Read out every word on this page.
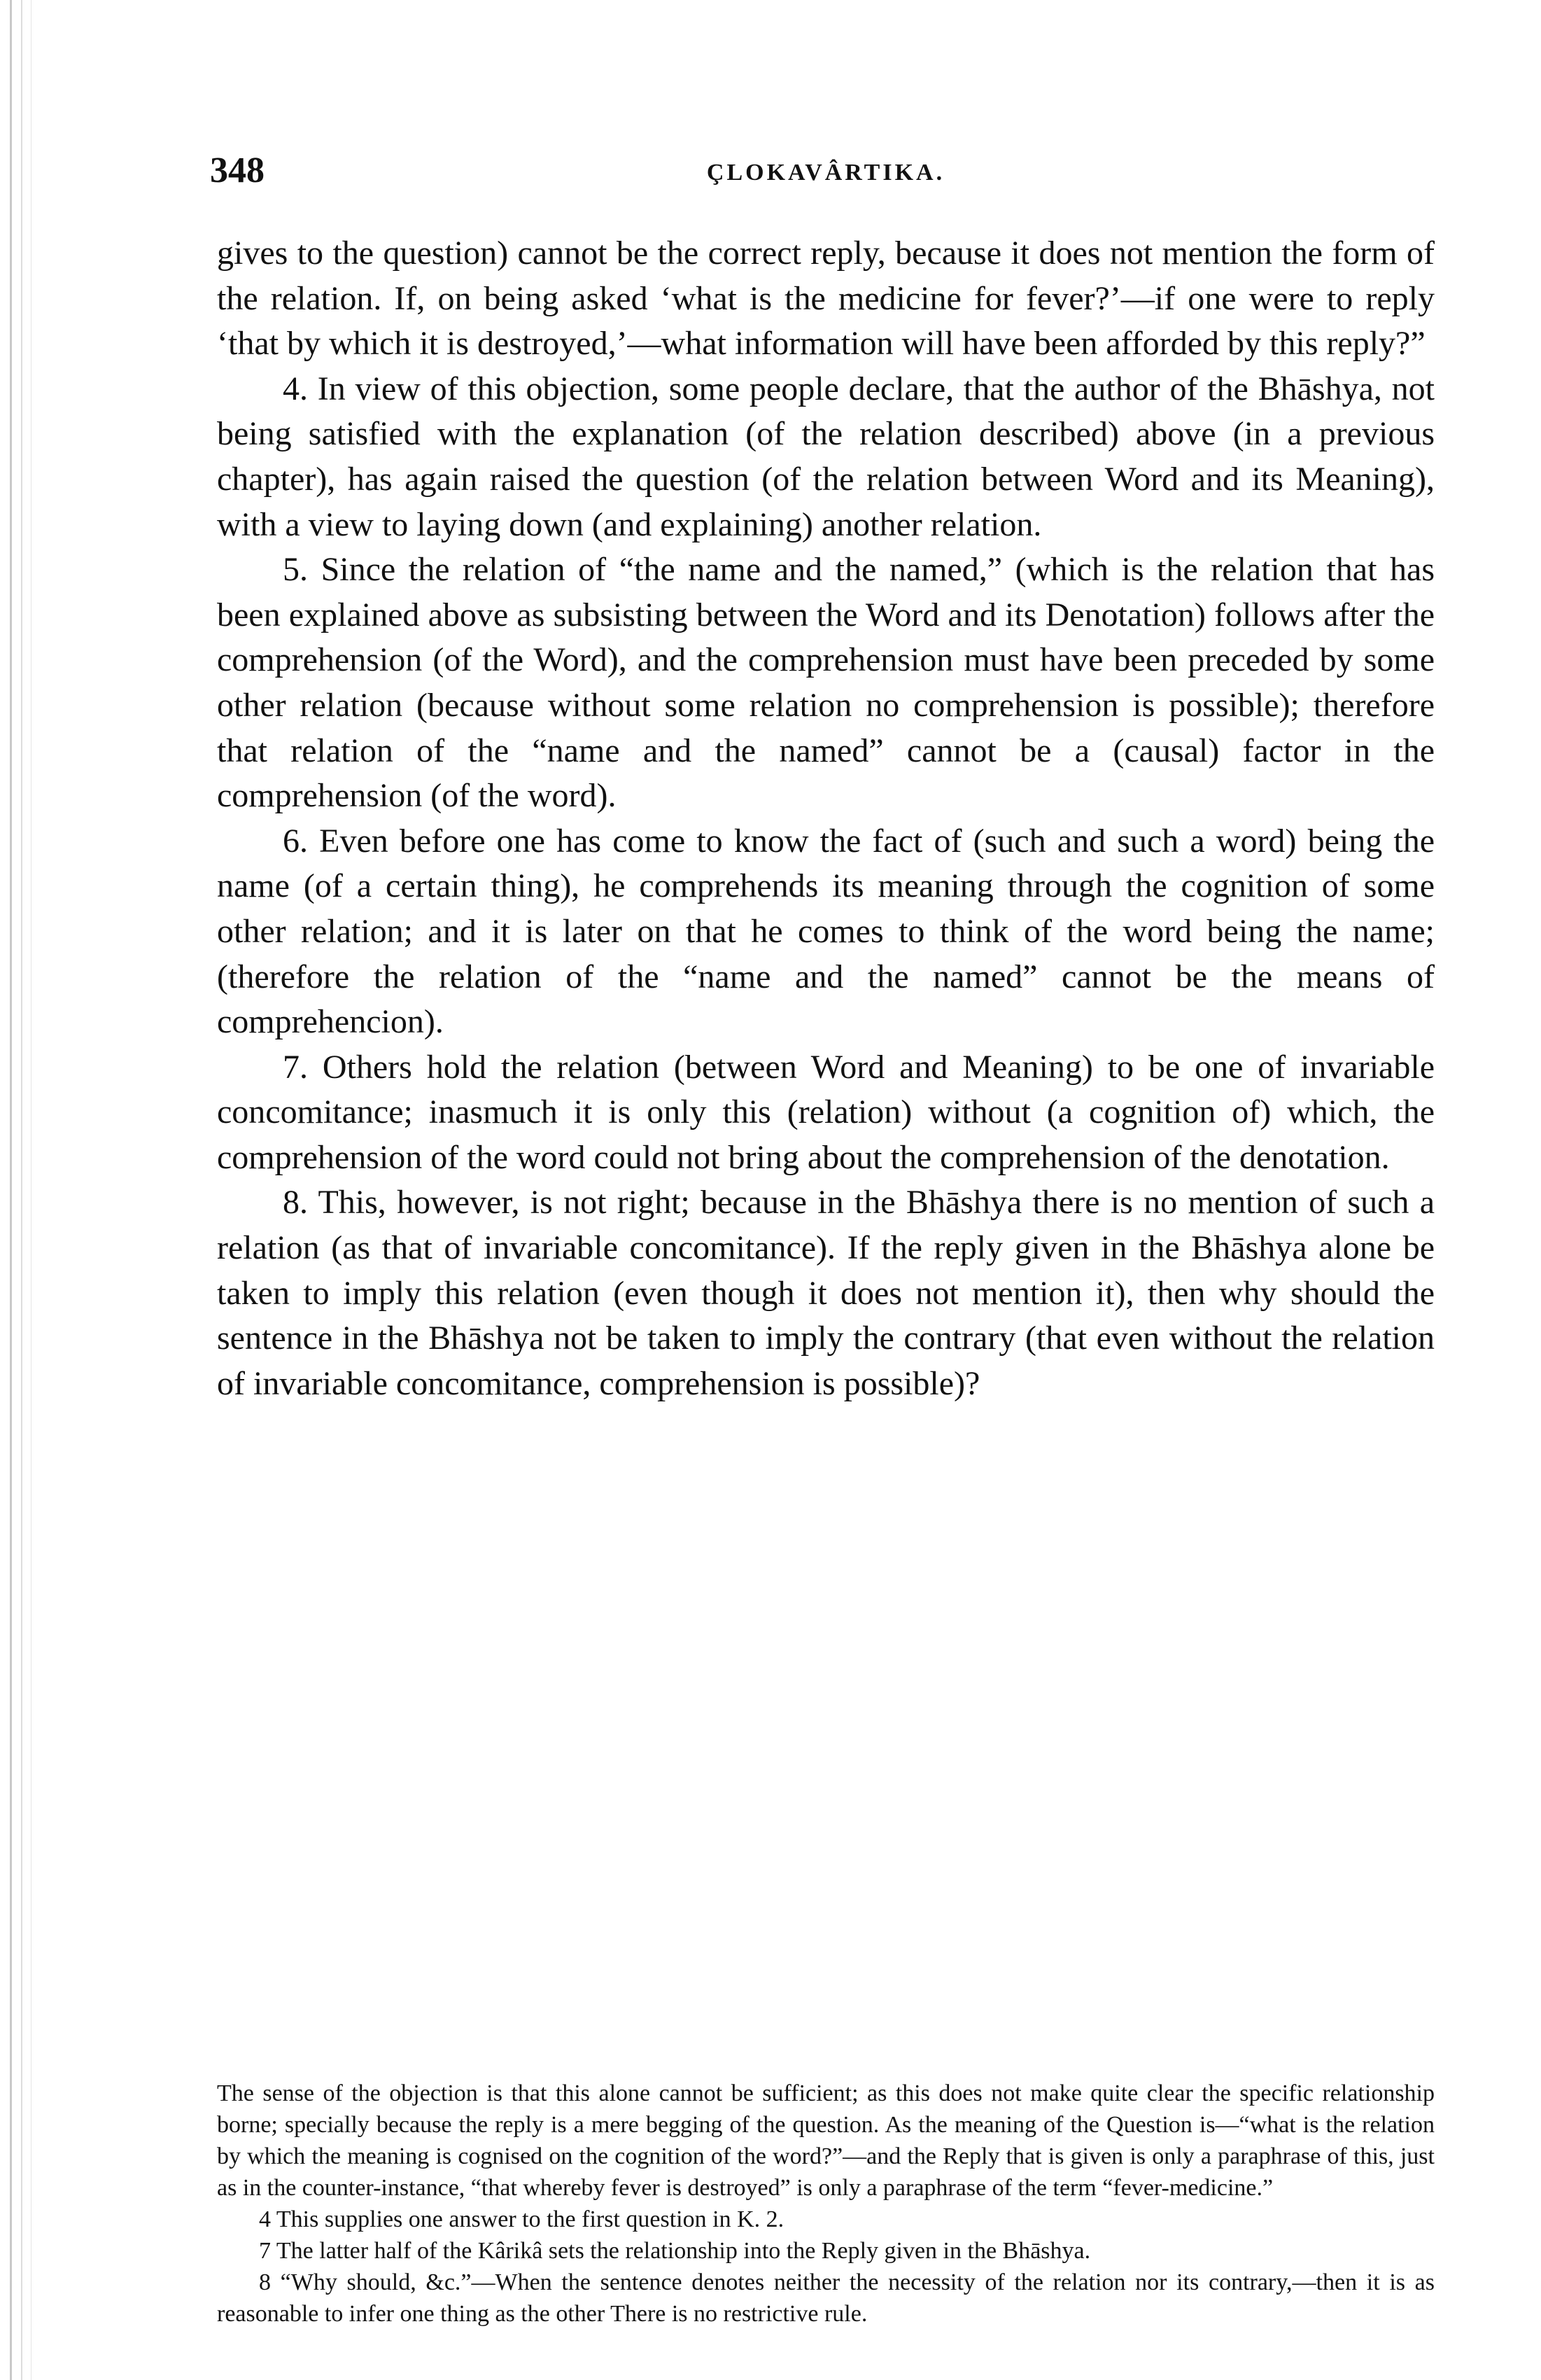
348	ÇLOKAVÂRTIKA.

gives to the question) cannot be the correct reply, because it does not mention the form of the relation. If, on being asked ‘what is the medicine for fever?’—if one were to reply ‘that by which it is destroyed,’—what information will have been afforded by this reply?”

4. In view of this objection, some people declare, that the author of the Bhāshya, not being satisfied with the explanation (of the relation described) above (in a previous chapter), has again raised the question (of the relation between Word and its Meaning), with a view to laying down (and explaining) another relation.

5. Since the relation of “the name and the named,” (which is the relation that has been explained above as subsisting between the Word and its Denotation) follows after the comprehension (of the Word), and the comprehension must have been preceded by some other relation (because without some relation no comprehension is possible); therefore that relation of the “name and the named” cannot be a (causal) factor in the comprehension (of the word).

6. Even before one has come to know the fact of (such and such a word) being the name (of a certain thing), he comprehends its meaning through the cognition of some other relation; and it is later on that he comes to think of the word being the name; (therefore the relation of the “name and the named” cannot be the means of comprehencion).

7. Others hold the relation (between Word and Meaning) to be one of invariable concomitance; inasmuch it is only this (relation) without (a cognition of) which, the comprehension of the word could not bring about the comprehension of the denotation.

8. This, however, is not right; because in the Bhāshya there is no mention of such a relation (as that of invariable concomitance). If the reply given in the Bhāshya alone be taken to imply this relation (even though it does not mention it), then why should the sentence in the Bhāshya not be taken to imply the contrary (that even without the relation of invariable concomitance, comprehension is possible)?

The sense of the objection is that this alone cannot be sufficient; as this does not make quite clear the specific relationship borne; specially because the reply is a mere begging of the question. As the meaning of the Question is—“what is the relation by which the meaning is cognised on the cognition of the word?”—and the Reply that is given is only a paraphrase of this, just as in the counter-instance, “that whereby fever is destroyed” is only a paraphrase of the term “fever-medicine.”

4 This supplies one answer to the first question in K. 2.

7 The latter half of the Kârikâ sets the relationship into the Reply given in the Bhāshya.

8 “Why should, &c.”—When the sentence denotes neither the necessity of the relation nor its contrary,—then it is as reasonable to infer one thing as the other There is no restrictive rule.
